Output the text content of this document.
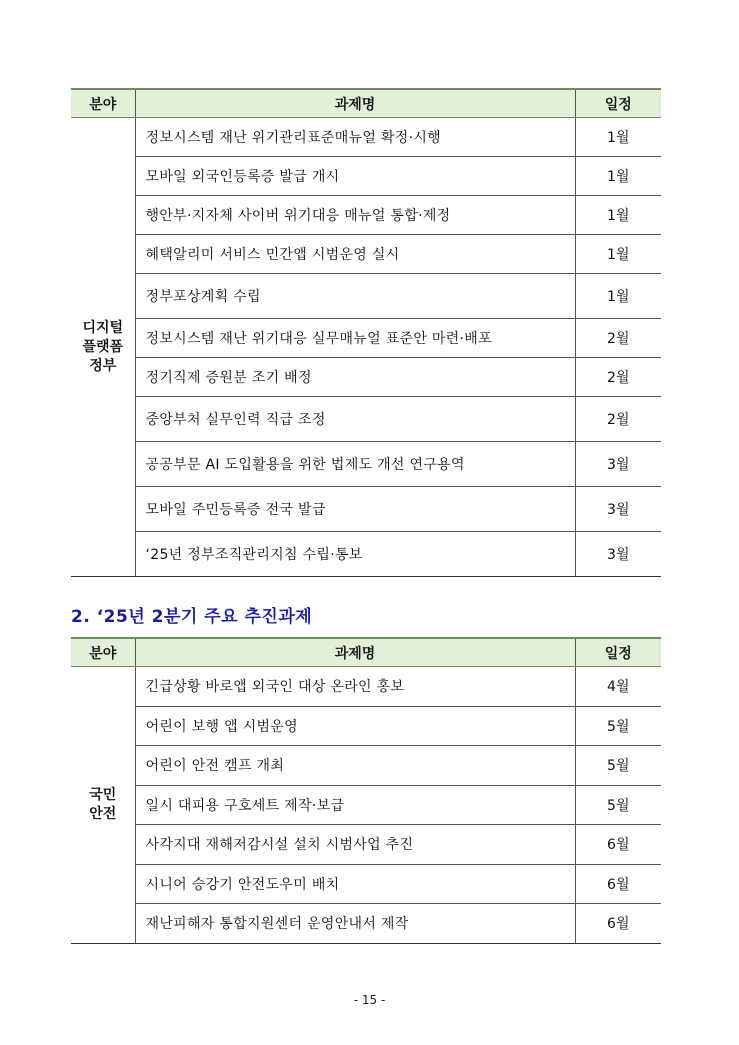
분야	과제명	일정

디지털
플랫폼
정부	정보시스템 재난 위기관리표준매뉴얼 확정·시행	1월
	모바일 외국인등록증 발급 개시	1월
	행안부·지자체 사이버 위기대응 매뉴얼 통합·제정	1월
	혜택알리미 서비스 민간앱 시범운영 실시	1월
	정부포상계획 수립	1월
	정보시스템 재난 위기대응 실무매뉴얼 표준안 마련·배포	2월
	정기직제 증원분 조기 배정	2월
	중앙부처 실무인력 직급 조정	2월
	공공부문 AI 도입활용을 위한 법제도 개선 연구용역	3월
	모바일 주민등록증 전국 발급	3월
	‘25년 정부조직관리지침 수립·통보	3월
2. ‘25년 2분기 주요 추진과제
분야	과제명	일정

국민
안전	긴급상황 바로앱 외국인 대상 온라인 홍보	4월
	어린이 보행 앱 시범운영	5월
	어린이 안전 캠프 개최	5월
	일시 대피용 구호세트 제작·보급	5월
	사각지대 재해저감시설 설치 시범사업 추진	6월
	시니어 승강기 안전도우미 배치	6월
	재난피해자 통합지원센터 운영안내서 제작	6월
- 15 -
